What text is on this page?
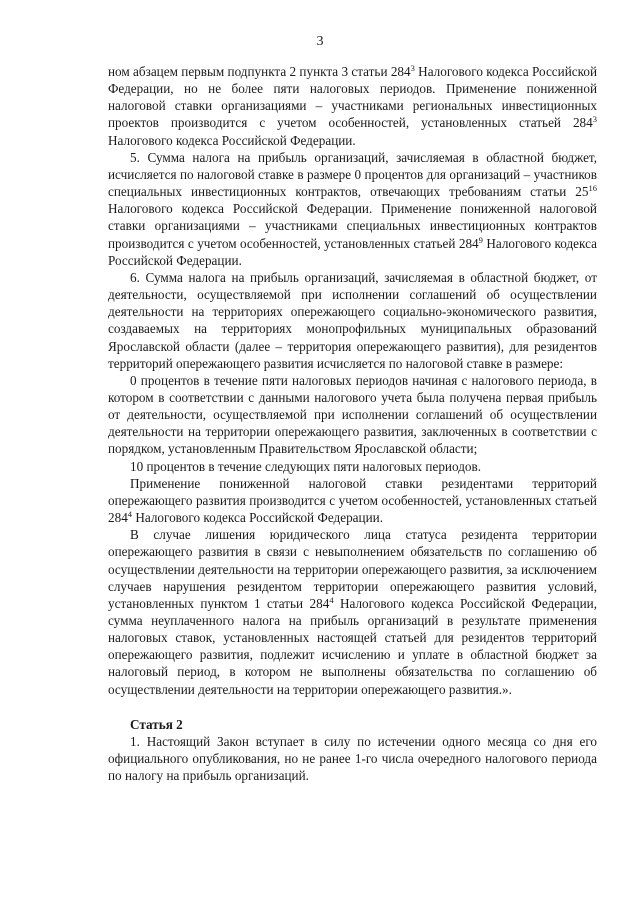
3

ном абзацем первым подпункта 2 пункта 3 статьи $284^3$ Налогового кодекса Российской Федерации, но не более пяти налоговых периодов. Применение пониженной налоговой ставки организациями – участниками региональных инвестиционных проектов производится с учетом особенностей, установленных статьей $284^3$ Налогового кодекса Российской Федерации.

5. Сумма налога на прибыль организаций, зачисляемая в областной бюджет, исчисляется по налоговой ставке в размере 0 процентов для организаций – участников специальных инвестиционных контрактов, отвечающих требованиям статьи $25^{16}$ Налогового кодекса Российской Федерации. Применение пониженной налоговой ставки организациями – участниками специальных инвестиционных контрактов производится с учетом особенностей, установленных статьей $284^9$ Налогового кодекса Российской Федерации.

6. Сумма налога на прибыль организаций, зачисляемая в областной бюджет, от деятельности, осуществляемой при исполнении соглашений об осуществлении деятельности на территориях опережающего социально-экономического развития, создаваемых на территориях монопрофильных муниципальных образований Ярославской области (далее – территория опережающего развития), для резидентов территорий опережающего развития исчисляется по налоговой ставке в размере:

0 процентов в течение пяти налоговых периодов начиная с налогового периода, в котором в соответствии с данными налогового учета была получена первая прибыль от деятельности, осуществляемой при исполнении соглашений об осуществлении деятельности на территории опережающего развития, заключенных в соответствии с порядком, установленным Правительством Ярославской области;

10 процентов в течение следующих пяти налоговых периодов.

Применение пониженной налоговой ставки резидентами территорий опережающего развития производится с учетом особенностей, установленных статьей $284^4$ Налогового кодекса Российской Федерации.

В случае лишения юридического лица статуса резидента территории опережающего развития в связи с невыполнением обязательств по соглашению об осуществлении деятельности на территории опережающего развития, за исключением случаев нарушения резидентом территории опережающего развития условий, установленных пунктом 1 статьи $284^4$ Налогового кодекса Российской Федерации, сумма неуплаченного налога на прибыль организаций в результате применения налоговых ставок, установленных настоящей статьей для резидентов территорий опережающего развития, подлежит исчислению и уплате в областной бюджет за налоговый период, в котором не выполнены обязательства по соглашению об осуществлении деятельности на территории опережающего развития.».

Статья 2

1. Настоящий Закон вступает в силу по истечении одного месяца со дня его официального опубликования, но не ранее 1-го числа очередного налогового периода по налогу на прибыль организаций.
